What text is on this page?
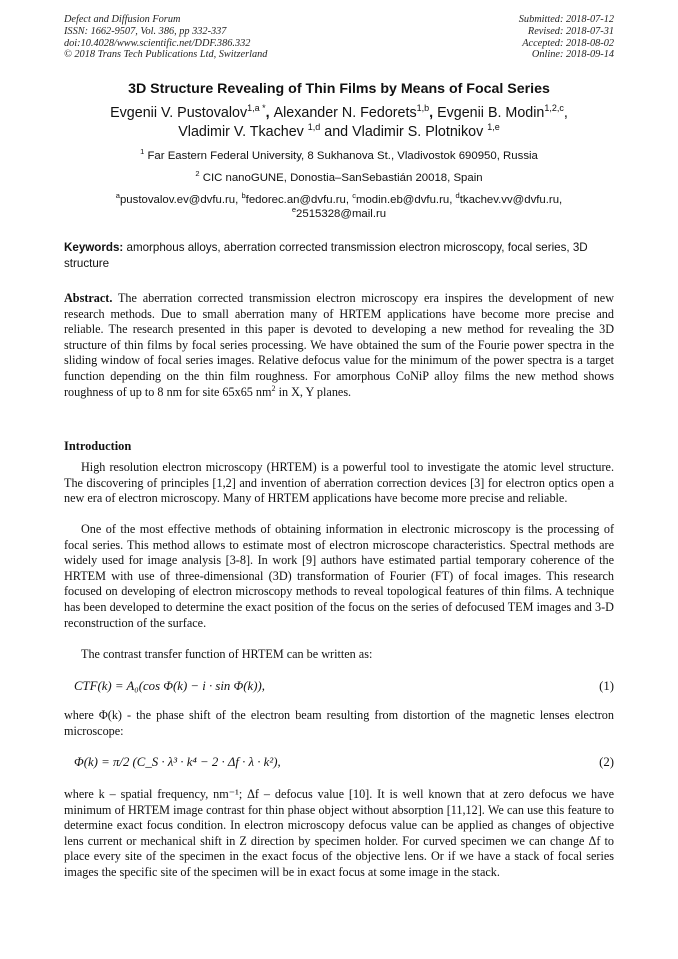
Defect and Diffusion Forum
ISSN: 1662-9507, Vol. 386, pp 332-337
doi:10.4028/www.scientific.net/DDF.386.332
© 2018 Trans Tech Publications Ltd, Switzerland
Submitted: 2018-07-12
Revised: 2018-07-31
Accepted: 2018-08-02
Online: 2018-09-14
3D Structure Revealing of Thin Films by Means of Focal Series
Evgenii V. Pustovalov$^{1,a *}$, Alexander N. Fedorets$^{1,b}$, Evgenii B. Modin$^{1,2,c}$,
Vladimir V. Tkachev $^{1,d}$ and Vladimir S. Plotnikov $^{1,e}$
$^1$ Far Eastern Federal University, 8 Sukhanova St., Vladivostok 690950, Russia
$^2$ CIC nanoGUNE, Donostia–SanSebastián 20018, Spain
$^a$pustovalov.ev@dvfu.ru, $^b$fedorec.an@dvfu.ru, $^c$modin.eb@dvfu.ru, $^d$tkachev.vv@dvfu.ru,
$^e$2515328@mail.ru
Keywords: amorphous alloys, aberration corrected transmission electron microscopy, focal series, 3D structure
Abstract. The aberration corrected transmission electron microscopy era inspires the development of new research methods. Due to small aberration many of HRTEM applications have become more precise and reliable. The research presented in this paper is devoted to developing a new method for revealing the 3D structure of thin films by focal series processing. We have obtained the sum of the Fourie power spectra in the sliding window of focal series images. Relative defocus value for the minimum of the power spectra is a target function depending on the thin film roughness. For amorphous CoNiP alloy films the new method shows roughness of up to 8 nm for site 65x65 $nm^2$ in X, Y planes.
Introduction
High resolution electron microscopy (HRTEM) is a powerful tool to investigate the atomic level structure. The discovering of principles [1,2] and invention of aberration correction devices [3] for electron optics open a new era of electron microscopy. Many of HRTEM applications have become more precise and reliable.
One of the most effective methods of obtaining information in electronic microscopy is the processing of focal series. This method allows to estimate most of electron microscope characteristics. Spectral methods are widely used for image analysis [3-8]. In work [9] authors have estimated partial temporary coherence of the HRTEM with use of three-dimensional (3D) transformation of Fourier (FT) of focal images. This research focused on developing of electron microscopy methods to reveal topological features of thin films. A technique has been developed to determine the exact position of the focus on the series of defocused TEM images and 3-D reconstruction of the surface.
The contrast transfer function of HRTEM can be written as:
CTF(k) = A₀(cos Φ(k) − i · sin Φ(k)),	(1)
where Φ(k) - the phase shift of the electron beam resulting from distortion of the magnetic lenses electron microscope:
Φ(k) = π/2 (C_S · λ³ · k⁴ − 2 · Δf · λ · k²),	(2)
where k – spatial frequency, nm⁻¹; Δf – defocus value [10]. It is well known that at zero defocus we have minimum of HRTEM image contrast for thin phase object without absorption [11,12]. We can use this feature to determine exact focus condition. In electron microscopy defocus value can be applied as changes of objective lens current or mechanical shift in Z direction by specimen holder. For curved specimen we can change Δf to place every site of the specimen in the exact focus of the objective lens. Or if we have a stack of focal series images the specific site of the specimen will be in exact focus at some image in the stack.
